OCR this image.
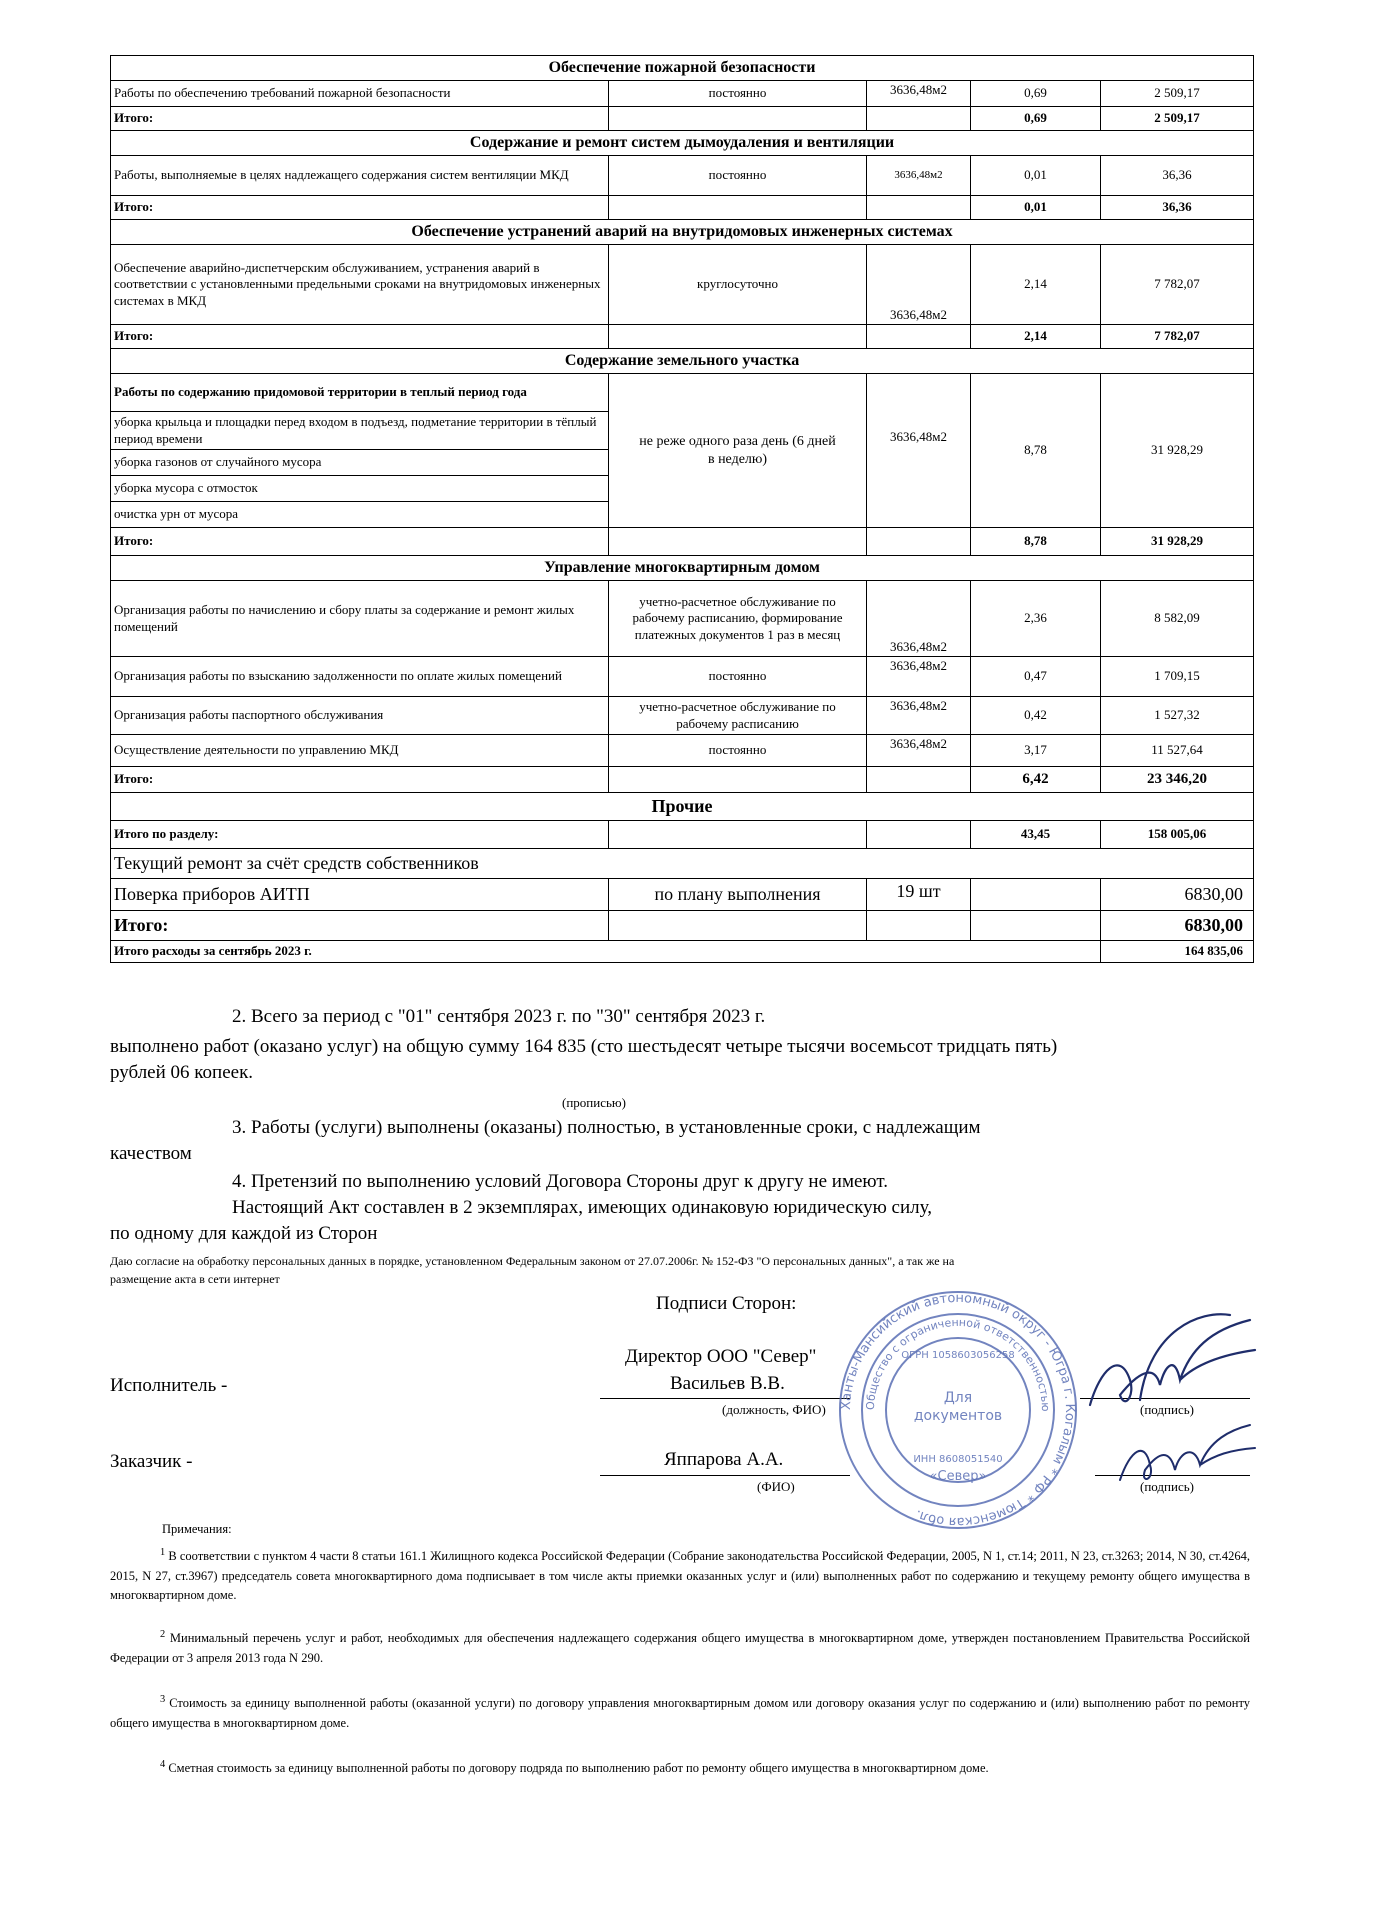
Обеспечение пожарной безопасности				
Работы по обеспечению требований пожарной безопасности	постоянно	3636,48м2	0,69	2 509,17
Итого:			0,69	2 509,17
Содержание и ремонт систем дымоудаления и вентиляции				
Работы, выполняемые в целях надлежащего содержания систем вентиляции МКД	постоянно	3636,48м2	0,01	36,36
Итого:			0,01	36,36
Обеспечение устранений аварий на внутридомовых инженерных системах				
Обеспечение аварийно-диспетчерским обслуживанием, устранения аварий в соответствии с установленными предельными сроками на внутридомовых инженерных системах в МКД	круглосуточно	3636,48м2	2,14	7 782,07
Итого:			2,14	7 782,07
Содержание земельного участка				
Работы по содержанию придомовой территории в теплый период года	не реже одного раза день (6 дней в неделю)	3636,48м2	8,78	31 928,29
уборка крыльца и площадки перед входом в подъезд, подметание территории в тёплый период времени				
уборка газонов от случайного мусора				
уборка мусора с отмосток				
очистка урн от мусора				
Итого:			8,78	31 928,29
Управление многоквартирным домом				
Организация работы по начислению и сбору платы за содержание и ремонт жилых помещений	учетно-расчетное обслуживание по рабочему расписанию, формирование платежных документов 1 раз в месяц	3636,48м2	2,36	8 582,09
Организация работы по взысканию задолженности по оплате жилых помещений	постоянно	3636,48м2	0,47	1 709,15
Организация работы паспортного обслуживания	учетно-расчетное обслуживание по рабочему расписанию	3636,48м2	0,42	1 527,32
Осуществление деятельности по управлению МКД	постоянно	3636,48м2	3,17	11 527,64
Итого:			6,42	23 346,20
Прочие				
Итого по разделу:			43,45	158 005,06
Текущий ремонт за счёт средств собственников				
Поверка приборов АИТП	по плану выполнения	19 шт		6830,00
Итого:				6830,00
Итого расходы за сентябрь 2023 г.				164 835,06
2. Всего за период с "01" сентября 2023 г. по "30" сентября 2023 г.
выполнено работ (оказано услуг) на общую сумму 164 835 (сто шестьдесят четыре тысячи восемьсот тридцать пять)
рублей 06 копеек.
(прописью)
3. Работы (услуги) выполнены (оказаны) полностью, в установленные сроки, с надлежащим
качеством
4. Претензий по выполнению условий Договора Стороны друг к другу не имеют.
Настоящий Акт составлен в 2 экземплярах, имеющих одинаковую юридическую силу,
по одному для каждой из Сторон
Даю согласие на обработку персональных данных в порядке, установленном Федеральным законом от 27.07.2006г. № 152-ФЗ "О персональных данных", а так же на
размещение акта в сети интернет
Подписи Сторон:
Директор ООО "Север"
Исполнитель -	Васильев В.В.
(должность, ФИО)	(подпись)
Заказчик -	Яппарова А.А.
(ФИО)	(подпись)
Ханты-Мансийский автономный округ - Югра г. Когалым * РФ * Тюменская обл.
Общество с ограниченной ответственностью
ОГРН 1058603056258
Для
документов
ИНН 8608051540
«Север»
Примечания:
$^1$ В соответствии с пунктом 4 части 8 статьи 161.1 Жилищного кодекса Российской Федерации (Собрание законодательства Российской Федерации, 2005, N 1, ст.14; 2011, N 23, ст.3263; 2014, N 30, ст.4264, 2015, N 27, ст.3967) председатель совета многоквартирного дома подписывает в том числе акты приемки оказанных услуг и (или) выполненных работ по содержанию и текущему ремонту общего имущества в многоквартирном доме.
$^2$ Минимальный перечень услуг и работ, необходимых для обеспечения надлежащего содержания общего имущества в многоквартирном доме, утвержден постановлением Правительства Российской Федерации от 3 апреля 2013 года N 290.
$^3$ Стоимость за единицу выполненной работы (оказанной услуги) по договору управления многоквартирным домом или договору оказания услуг по содержанию и (или) выполнению работ по ремонту общего имущества в многоквартирном доме.
$^4$ Сметная стоимость за единицу выполненной работы по договору подряда по выполнению работ по ремонту общего имущества в многоквартирном доме.
